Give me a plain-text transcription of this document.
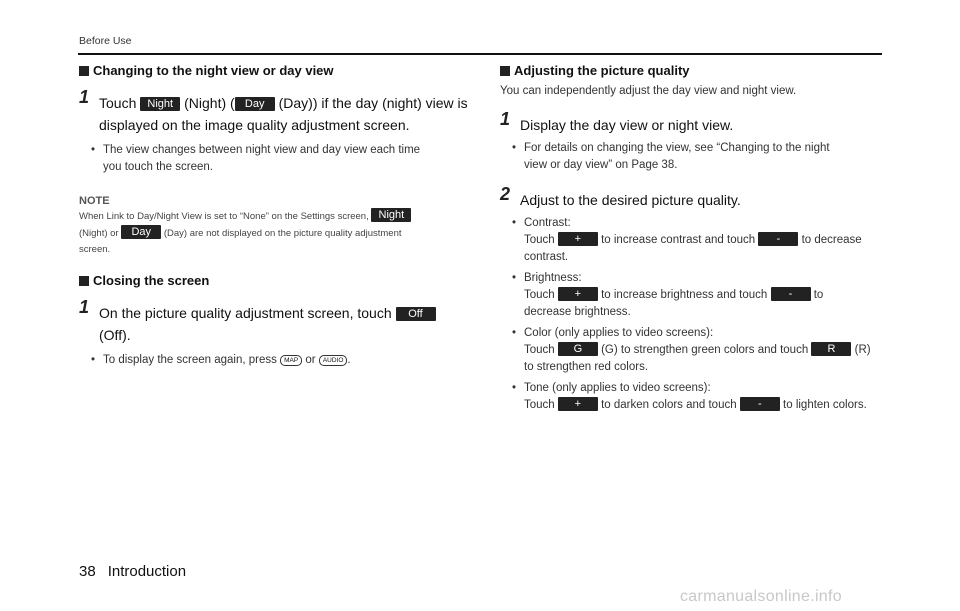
Before Use
Changing to the night view or day view

1 Touch Night (Night) ( Day (Day)) if the day (night) view is
displayed on the image quality adjustment screen.

• The view changes between night view and day view each time
you touch the screen.

NOTE

When Link to Day/Night View is set to “None” on the Settings screen, Night
(Night) or Day (Day) are not displayed on the picture quality adjustment
screen.

Closing the screen

1 On the picture quality adjustment screen, touch Off
(Off).

• To display the screen again, press MAP or AUDIO .

Adjusting the picture quality

You can independently adjust the day view and night view.

1 Display the day view or night view.

• For details on changing the view, see “Changing to the night
view or day view” on Page 38.

2 Adjust to the desired picture quality.

• Contrast:
Touch + to increase contrast and touch - to decrease
contrast.

• Brightness:
Touch + to increase brightness and touch - to
decrease brightness.

• Color (only applies to video screens):
Touch G (G) to strengthen green colors and touch R (R)
to strengthen red colors.

• Tone (only applies to video screens):
Touch + to darken colors and touch - to lighten colors.

38 Introduction
carmanualsonline.info
